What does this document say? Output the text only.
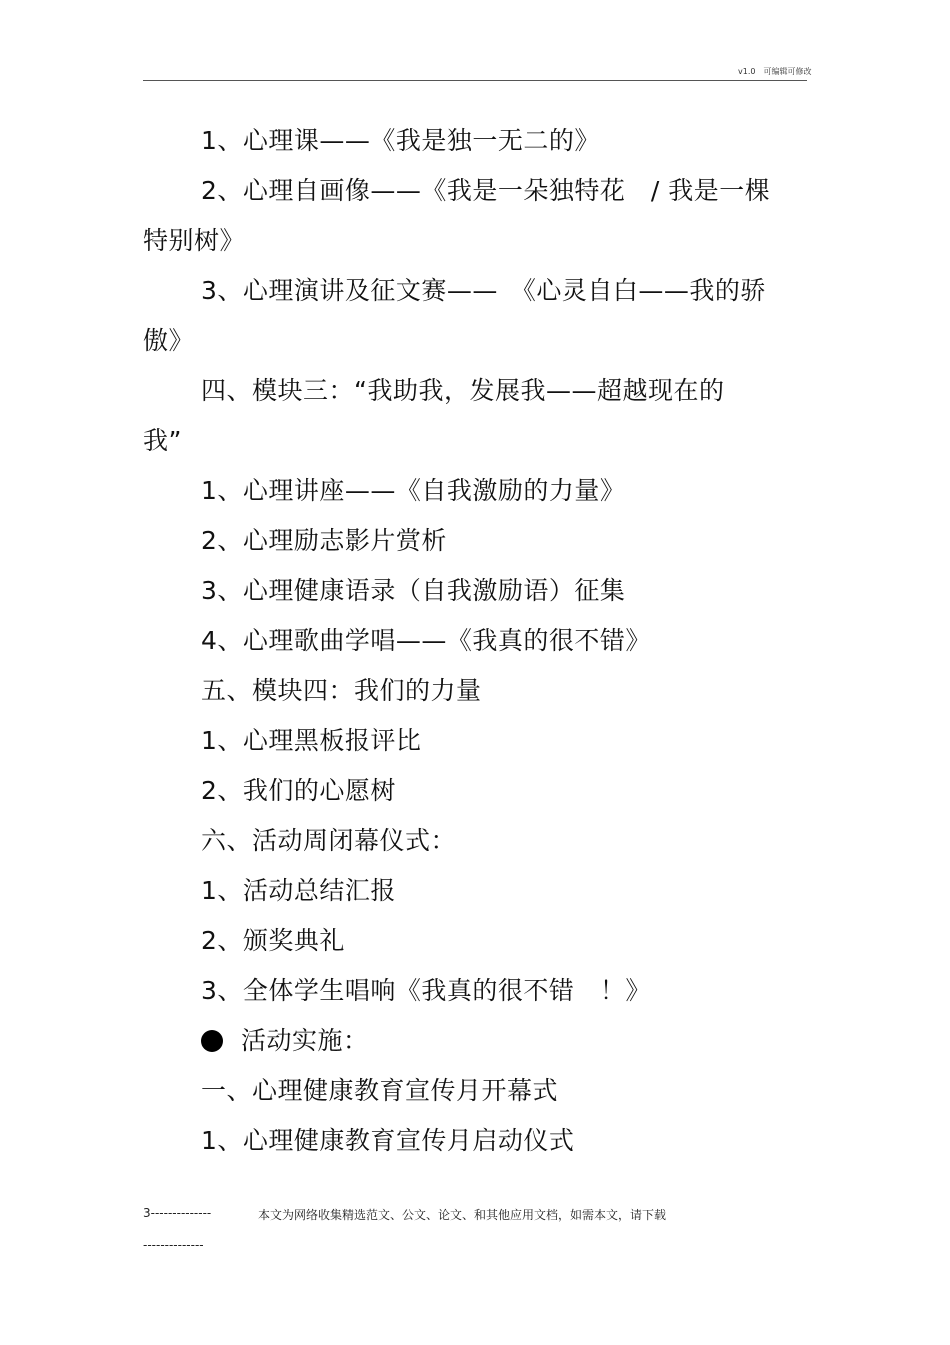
v1.0　可编辑可修改

1、心理课——《我是独一无二的》

2、心理自画像——《我是一朵独特花　/ 我是一棵

特别树》

3、心理演讲及征文赛——　《心灵自白——我的骄

傲》

四、模块三：“我助我，发展我——超越现在的

我”

1、心理讲座——《自我激励的力量》

2、心理励志影片赏析

3、心理健康语录（自我激励语）征集

4、心理歌曲学唱——《我真的很不错》

五、模块四：我们的力量

1、心理黑板报评比

2、我们的心愿树

六、活动周闭幕仪式：

1、活动总结汇报

2、颁奖典礼

3、全体学生唱响《我真的很不错　！》

活动实施：

一、心理健康教育宣传月开幕式

1、心理健康教育宣传月启动仪式

3--------------	本文为网络收集精选范文、公文、论文、和其他应用文档，如需本文，请下载
--------------
